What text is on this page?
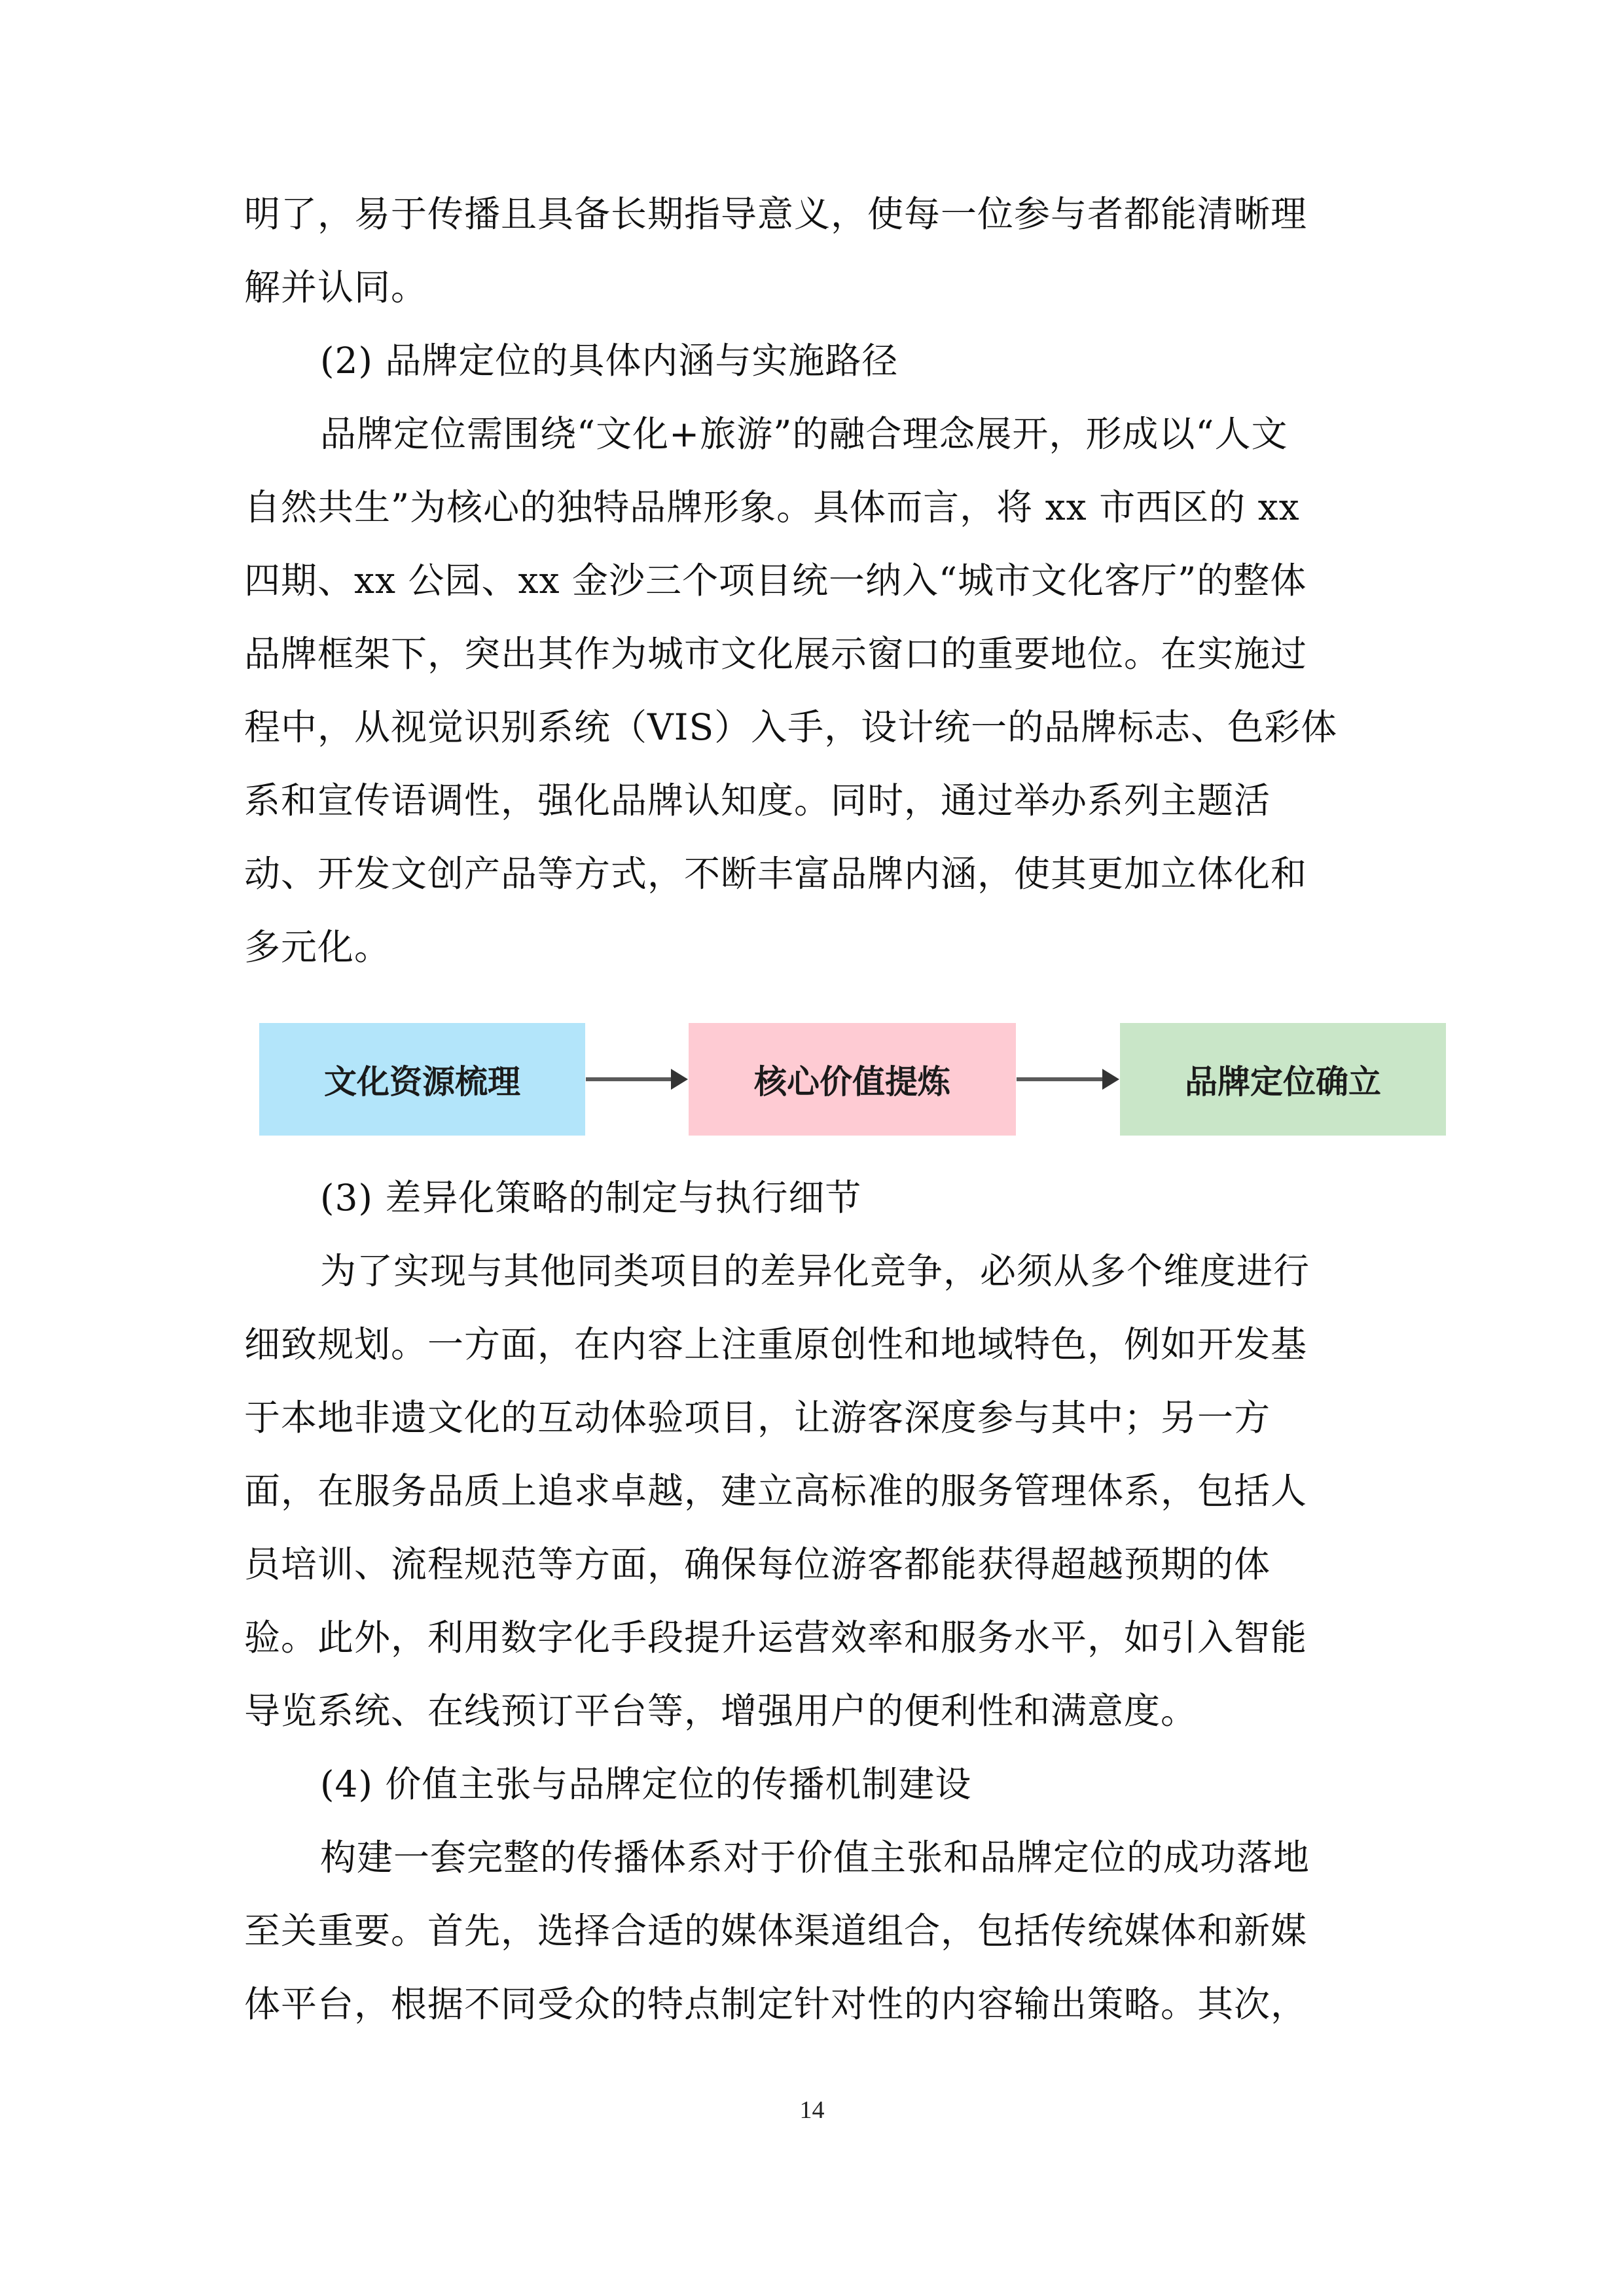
明了，易于传播且具备长期指导意义，使每一位参与者都能清晰理
解并认同。
(2) 品牌定位的具体内涵与实施路径
品牌定位需围绕“文化+旅游”的融合理念展开，形成以“人文
自然共生”为核心的独特品牌形象。具体而言，将 xx 市西区的 xx
四期、xx 公园、xx 金沙三个项目统一纳入“城市文化客厅”的整体
品牌框架下，突出其作为城市文化展示窗口的重要地位。在实施过
程中，从视觉识别系统（VIS）入手，设计统一的品牌标志、色彩体
系和宣传语调性，强化品牌认知度。同时，通过举办系列主题活
动、开发文创产品等方式，不断丰富品牌内涵，使其更加立体化和
多元化。
文化资源梳理	核心价值提炼	品牌定位确立
(3) 差异化策略的制定与执行细节
为了实现与其他同类项目的差异化竞争，必须从多个维度进行
细致规划。一方面，在内容上注重原创性和地域特色，例如开发基
于本地非遗文化的互动体验项目，让游客深度参与其中；另一方
面，在服务品质上追求卓越，建立高标准的服务管理体系，包括人
员培训、流程规范等方面，确保每位游客都能获得超越预期的体
验。此外，利用数字化手段提升运营效率和服务水平，如引入智能
导览系统、在线预订平台等，增强用户的便利性和满意度。
(4) 价值主张与品牌定位的传播机制建设
构建一套完整的传播体系对于价值主张和品牌定位的成功落地
至关重要。首先，选择合适的媒体渠道组合，包括传统媒体和新媒
体平台，根据不同受众的特点制定针对性的内容输出策略。其次，
14
